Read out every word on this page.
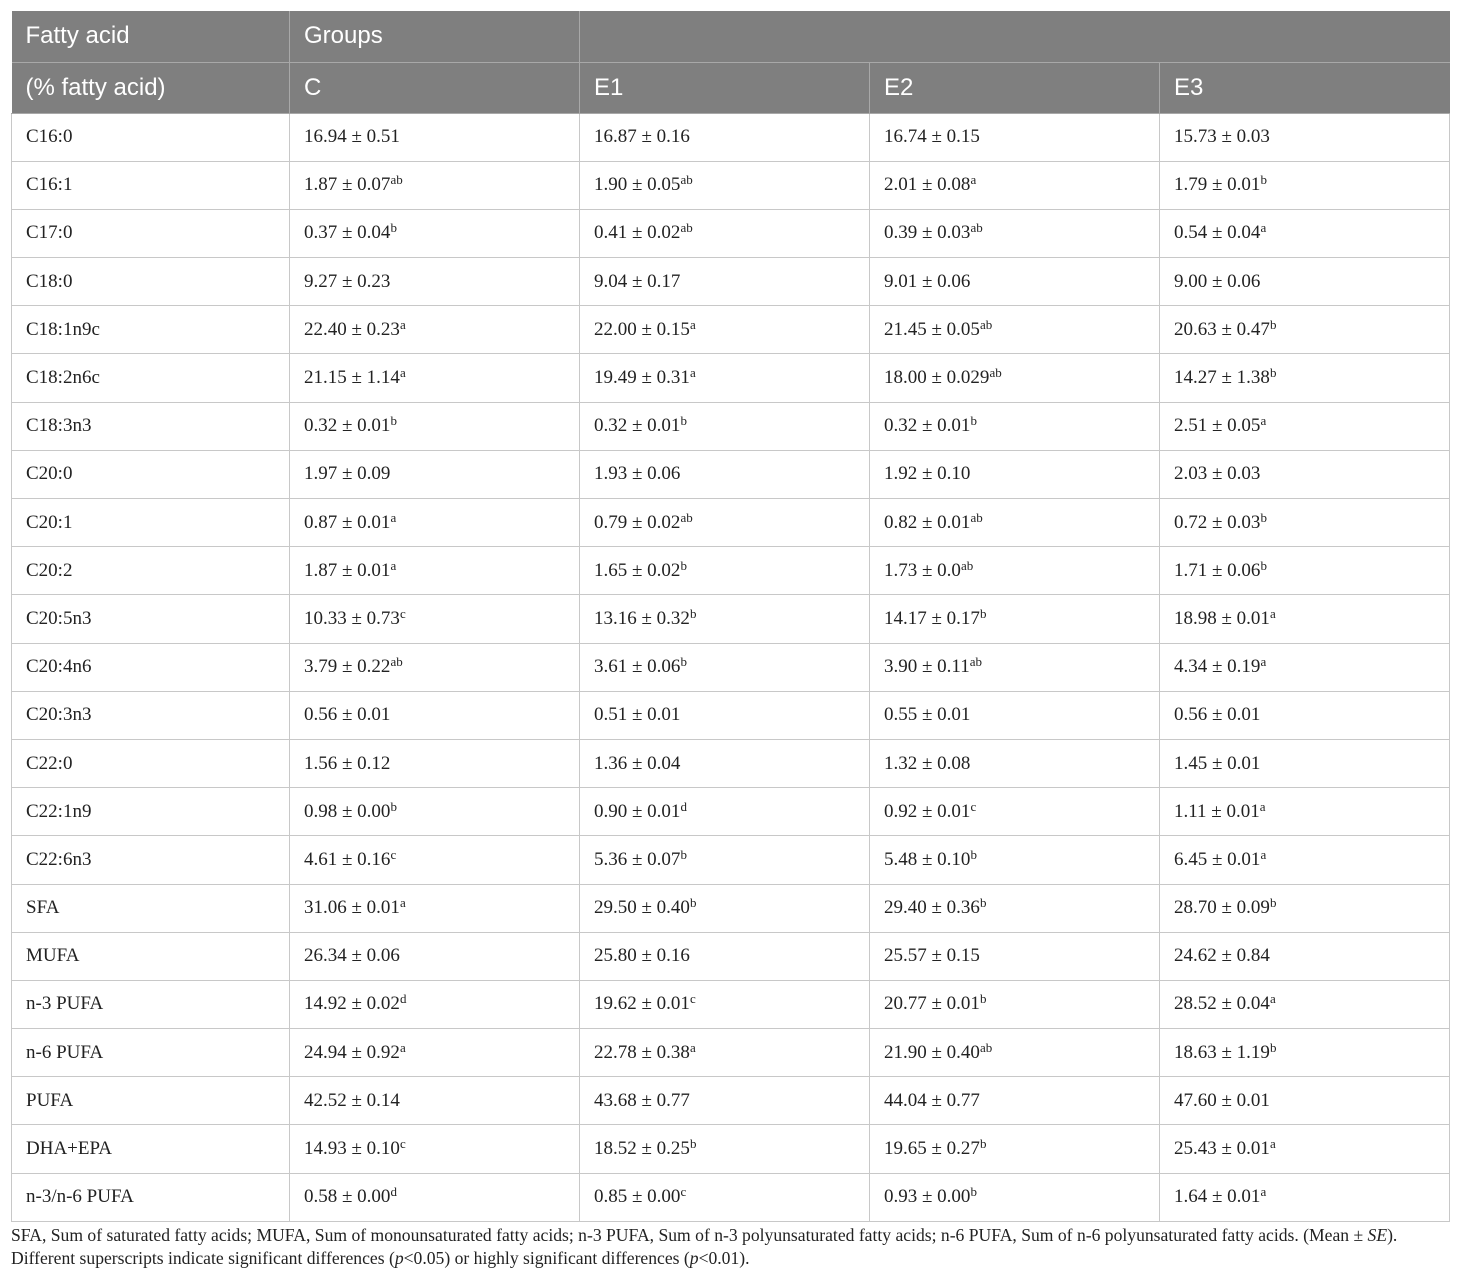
Fatty acid	Groups			
(% fatty acid)	C	E1	E2	E3
C16:0	16.94 ± 0.51	16.87 ± 0.16	16.74 ± 0.15	15.73 ± 0.03
C16:1	1.87 ± 0.07$^{ab}$	1.90 ± 0.05$^{ab}$	2.01 ± 0.08$^a$	1.79 ± 0.01$^b$
C17:0	0.37 ± 0.04$^b$	0.41 ± 0.02$^{ab}$	0.39 ± 0.03$^{ab}$	0.54 ± 0.04$^a$
C18:0	9.27 ± 0.23	9.04 ± 0.17	9.01 ± 0.06	9.00 ± 0.06
C18:1n9c	22.40 ± 0.23$^a$	22.00 ± 0.15$^a$	21.45 ± 0.05$^{ab}$	20.63 ± 0.47$^b$
C18:2n6c	21.15 ± 1.14$^a$	19.49 ± 0.31$^a$	18.00 ± 0.029$^{ab}$	14.27 ± 1.38$^b$
C18:3n3	0.32 ± 0.01$^b$	0.32 ± 0.01$^b$	0.32 ± 0.01$^b$	2.51 ± 0.05$^a$
C20:0	1.97 ± 0.09	1.93 ± 0.06	1.92 ± 0.10	2.03 ± 0.03
C20:1	0.87 ± 0.01$^a$	0.79 ± 0.02$^{ab}$	0.82 ± 0.01$^{ab}$	0.72 ± 0.03$^b$
C20:2	1.87 ± 0.01$^a$	1.65 ± 0.02$^b$	1.73 ± 0.0$^{ab}$	1.71 ± 0.06$^b$
C20:5n3	10.33 ± 0.73$^c$	13.16 ± 0.32$^b$	14.17 ± 0.17$^b$	18.98 ± 0.01$^a$
C20:4n6	3.79 ± 0.22$^{ab}$	3.61 ± 0.06$^b$	3.90 ± 0.11$^{ab}$	4.34 ± 0.19$^a$
C20:3n3	0.56 ± 0.01	0.51 ± 0.01	0.55 ± 0.01	0.56 ± 0.01
C22:0	1.56 ± 0.12	1.36 ± 0.04	1.32 ± 0.08	1.45 ± 0.01
C22:1n9	0.98 ± 0.00$^b$	0.90 ± 0.01$^d$	0.92 ± 0.01$^c$	1.11 ± 0.01$^a$
C22:6n3	4.61 ± 0.16$^c$	5.36 ± 0.07$^b$	5.48 ± 0.10$^b$	6.45 ± 0.01$^a$
SFA	31.06 ± 0.01$^a$	29.50 ± 0.40$^b$	29.40 ± 0.36$^b$	28.70 ± 0.09$^b$
MUFA	26.34 ± 0.06	25.80 ± 0.16	25.57 ± 0.15	24.62 ± 0.84
n-3 PUFA	14.92 ± 0.02$^d$	19.62 ± 0.01$^c$	20.77 ± 0.01$^b$	28.52 ± 0.04$^a$
n-6 PUFA	24.94 ± 0.92$^a$	22.78 ± 0.38$^a$	21.90 ± 0.40$^{ab}$	18.63 ± 1.19$^b$
PUFA	42.52 ± 0.14	43.68 ± 0.77	44.04 ± 0.77	47.60 ± 0.01
DHA+EPA	14.93 ± 0.10$^c$	18.52 ± 0.25$^b$	19.65 ± 0.27$^b$	25.43 ± 0.01$^a$
n-3/n-6 PUFA	0.58 ± 0.00$^d$	0.85 ± 0.00$^c$	0.93 ± 0.00$^b$	1.64 ± 0.01$^a$
SFA, Sum of saturated fatty acids; MUFA, Sum of monounsaturated fatty acids; n-3 PUFA, Sum of n-3 polyunsaturated fatty acids; n-6 PUFA, Sum of n-6 polyunsaturated fatty acids. (Mean ± SE).
Different superscripts indicate significant differences (p<0.05) or highly significant differences (p<0.01).
